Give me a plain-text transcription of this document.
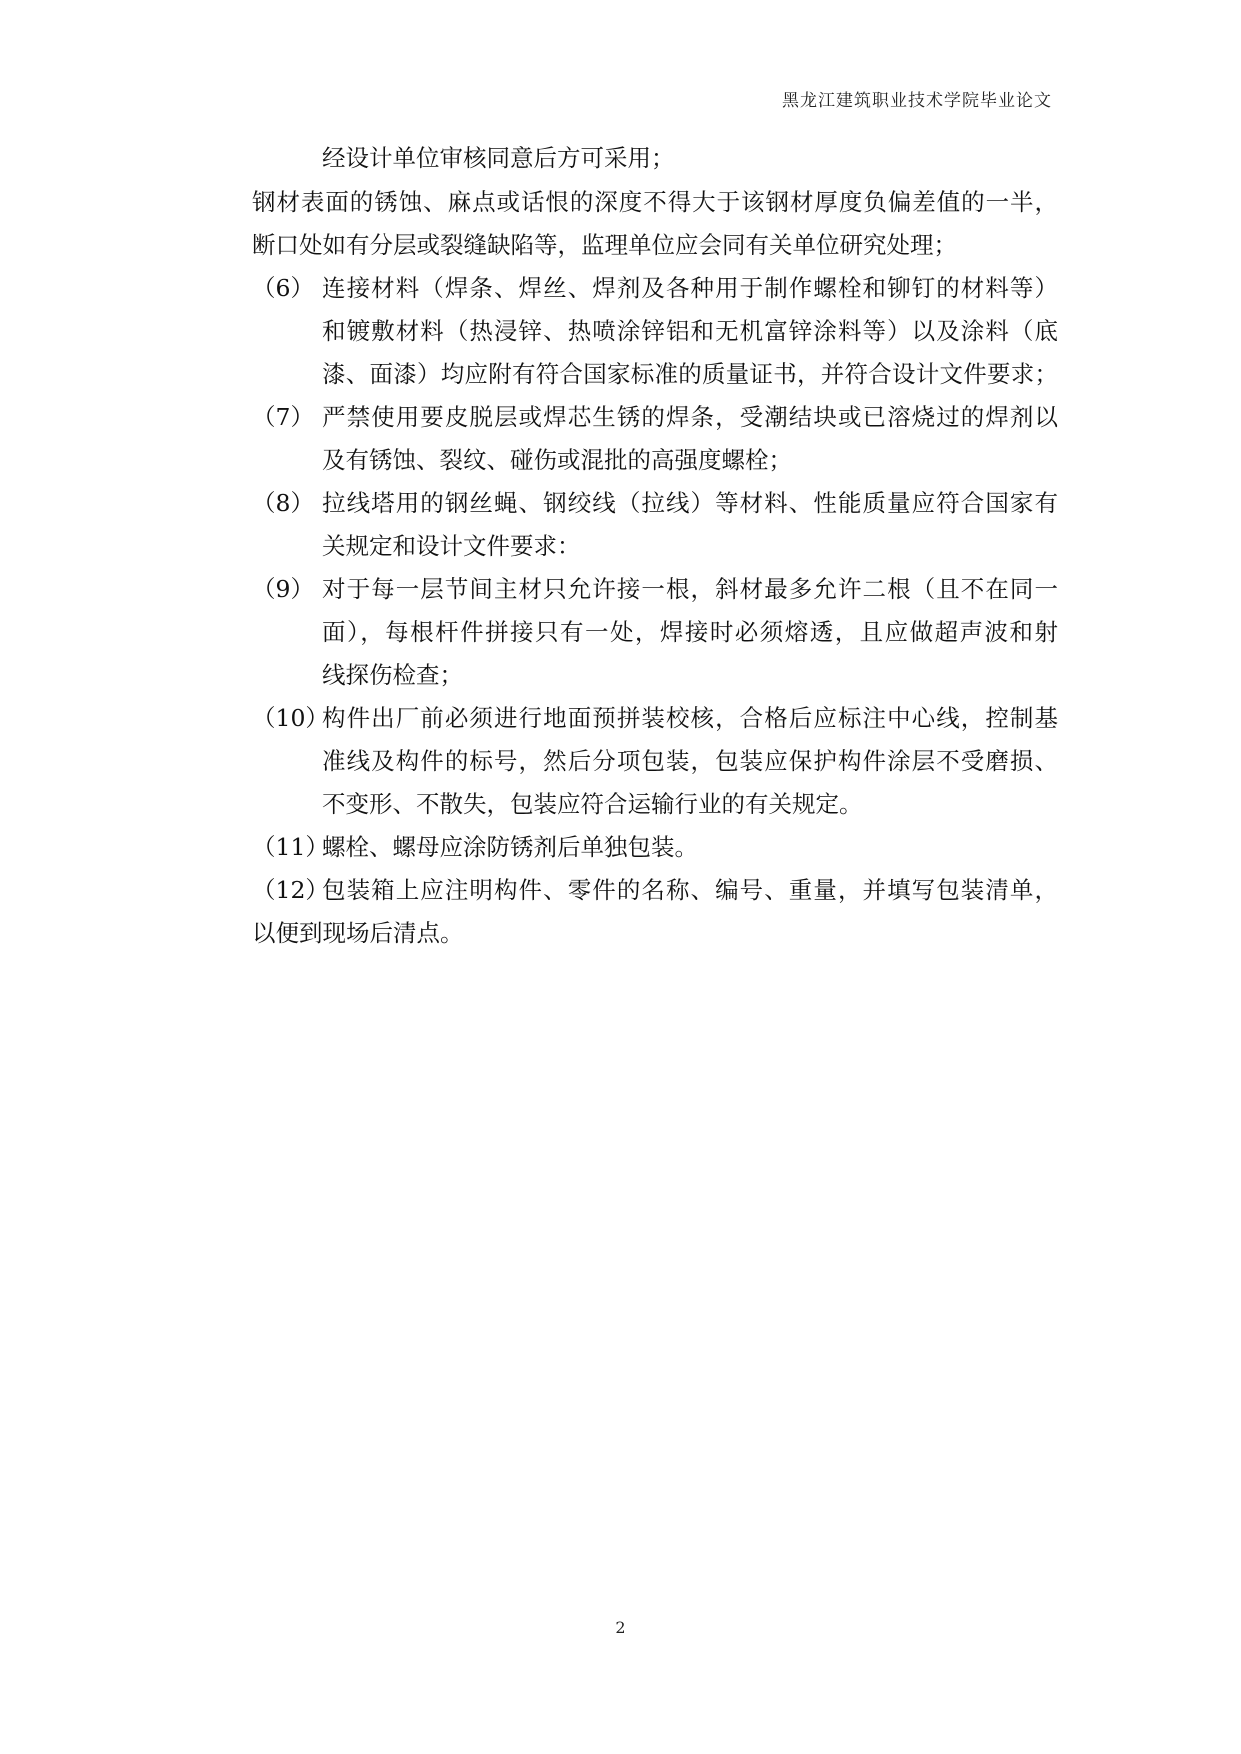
黑龙江建筑职业技术学院毕业论文
经设计单位审核同意后方可采用；
钢材表面的锈蚀、麻点或话恨的深度不得大于该钢材厚度负偏差值的一半，
断口处如有分层或裂缝缺陷等，监理单位应会同有关单位研究处理；
（6） 连接材料（焊条、焊丝、焊剂及各种用于制作螺栓和铆钉的材料等）
和镀敷材料（热浸锌、热喷涂锌铝和无机富锌涂料等）以及涂料（底
漆、面漆）均应附有符合国家标准的质量证书，并符合设计文件要求；
（7） 严禁使用要皮脱层或焊芯生锈的焊条，受潮结块或已溶烧过的焊剂以
及有锈蚀、裂纹、碰伤或混批的高强度螺栓；
（8） 拉线塔用的钢丝蝇、钢绞线（拉线）等材料、性能质量应符合国家有
关规定和设计文件要求：
（9） 对于每一层节间主材只允许接一根，斜材最多允许二根（且不在同一
面），每根杆件拼接只有一处，焊接时必须熔透，且应做超声波和射
线探伤检查；
（10）
构件出厂前必须进行地面预拼装校核，合格后应标注中心线，控制基
准线及构件的标号，然后分项包装，包装应保护构件涂层不受磨损、
不变形、不散失，包装应符合运输行业的有关规定。
（11）
螺栓、螺母应涂防锈剂后单独包装。
（12）
包装箱上应注明构件、零件的名称、编号、重量，并填写包装清单，
以便到现场后清点。
2
